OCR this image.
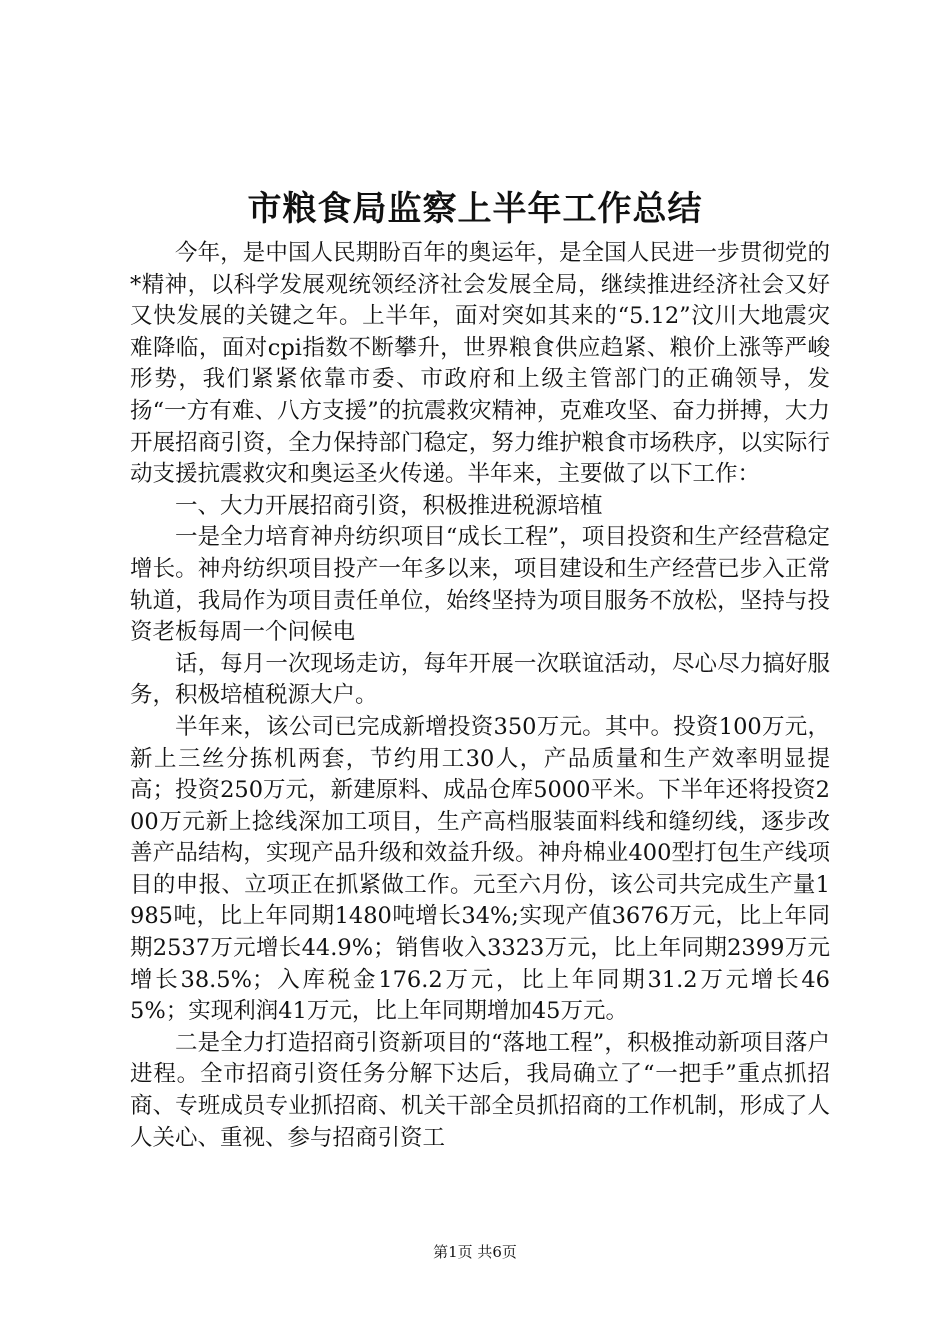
市粮食局监察上半年工作总结

今年，是中国人民期盼百年的奥运年，是全国人民进一步贯彻党的*精神，以科学发展观统领经济社会发展全局，继续推进经济社会又好又快发展的关键之年。上半年，面对突如其来的“5.12”汶川大地震灾难降临，面对cpi指数不断攀升，世界粮食供应趋紧、粮价上涨等严峻形势，我们紧紧依靠市委、市政府和上级主管部门的正确领导，发扬“一方有难、八方支援”的抗震救灾精神，克难攻坚、奋力拼搏，大力开展招商引资，全力保持部门稳定，努力维护粮食市场秩序，以实际行动支援抗震救灾和奥运圣火传递。半年来，主要做了以下工作：

一、大力开展招商引资，积极推进税源培植

一是全力培育神舟纺织项目“成长工程”，项目投资和生产经营稳定增长。神舟纺织项目投产一年多以来，项目建设和生产经营已步入正常轨道，我局作为项目责任单位，始终坚持为项目服务不放松，坚持与投资老板每周一个问候电

话，每月一次现场走访，每年开展一次联谊活动，尽心尽力搞好服务，积极培植税源大户。

半年来，该公司已完成新增投资350万元。其中。投资100万元，新上三丝分拣机两套，节约用工30人，产品质量和生产效率明显提高；投资250万元，新建原料、成品仓库5000平米。下半年还将投资200万元新上捻线深加工项目，生产高档服装面料线和缝纫线，逐步改善产品结构，实现产品升级和效益升级。神舟棉业400型打包生产线项目的申报、立项正在抓紧做工作。元至六月份，该公司共完成生产量1985吨，比上年同期1480吨增长34%;实现产值3676万元，比上年同期2537万元增长44.9%；销售收入3323万元，比上年同期2399万元增长38.5%；入库税金176.2万元，比上年同期31.2万元增长465%；实现利润41万元，比上年同期增加45万元。

二是全力打造招商引资新项目的“落地工程”，积极推动新项目落户进程。全市招商引资任务分解下达后，我局确立了“一把手”重点抓招商、专班成员专业抓招商、机关干部全员抓招商的工作机制，形成了人人关心、重视、参与招商引资工

第1页 共6页
